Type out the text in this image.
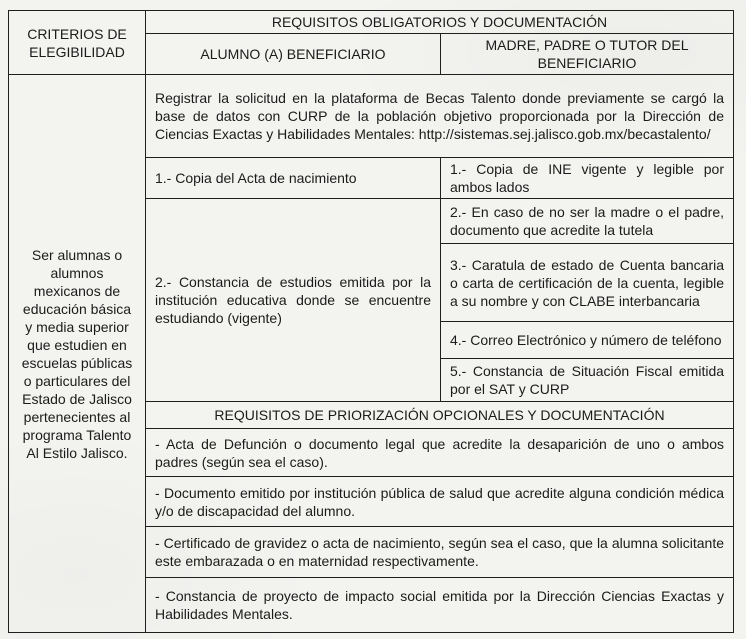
CRITERIOS DE ELEGIBILIDAD	REQUISITOS OBLIGATORIOS Y DOCUMENTACIÓN	
	ALUMNO (A) BENEFICIARIO	MADRE, PADRE O TUTOR DEL BENEFICIARIO
Ser alumnas o alumnos mexicanos de educación básica y media superior que estudien en escuelas públicas o particulares del Estado de Jalisco pertenecientes al programa Talento Al Estilo Jalisco.	Registrar la solicitud en la plataforma de Becas Talento donde previamente se cargó la base de datos con CURP de la población objetivo proporcionada por la Dirección de Ciencias Exactas y Habilidades Mentales: http://sistemas.sej.jalisco.gob.mx/becastalento/	
	1.- Copia del Acta de nacimiento	1.- Copia de INE vigente y legible por ambos lados
	2.- Constancia de estudios emitida por la institución educativa donde se encuentre estudiando (vigente)	2.- En caso de no ser la madre o el padre, documento que acredite la tutela
		3.- Caratula de estado de Cuenta bancaria o carta de certificación de la cuenta, legible a su nombre y con CLABE interbancaria
		4.- Correo Electrónico y número de teléfono
		5.- Constancia de Situación Fiscal emitida por el SAT y CURP
	REQUISITOS DE PRIORIZACIÓN OPCIONALES Y DOCUMENTACIÓN	
	- Acta de Defunción o documento legal que acredite la desaparición de uno o ambos padres (según sea el caso).	
	- Documento emitido por institución pública de salud que acredite alguna condición médica y/o de discapacidad del alumno.	
	- Certificado de gravidez o acta de nacimiento, según sea el caso, que la alumna solicitante este embarazada o en maternidad respectivamente.	
	- Constancia de proyecto de impacto social emitida por la Dirección Ciencias Exactas y Habilidades Mentales.	
